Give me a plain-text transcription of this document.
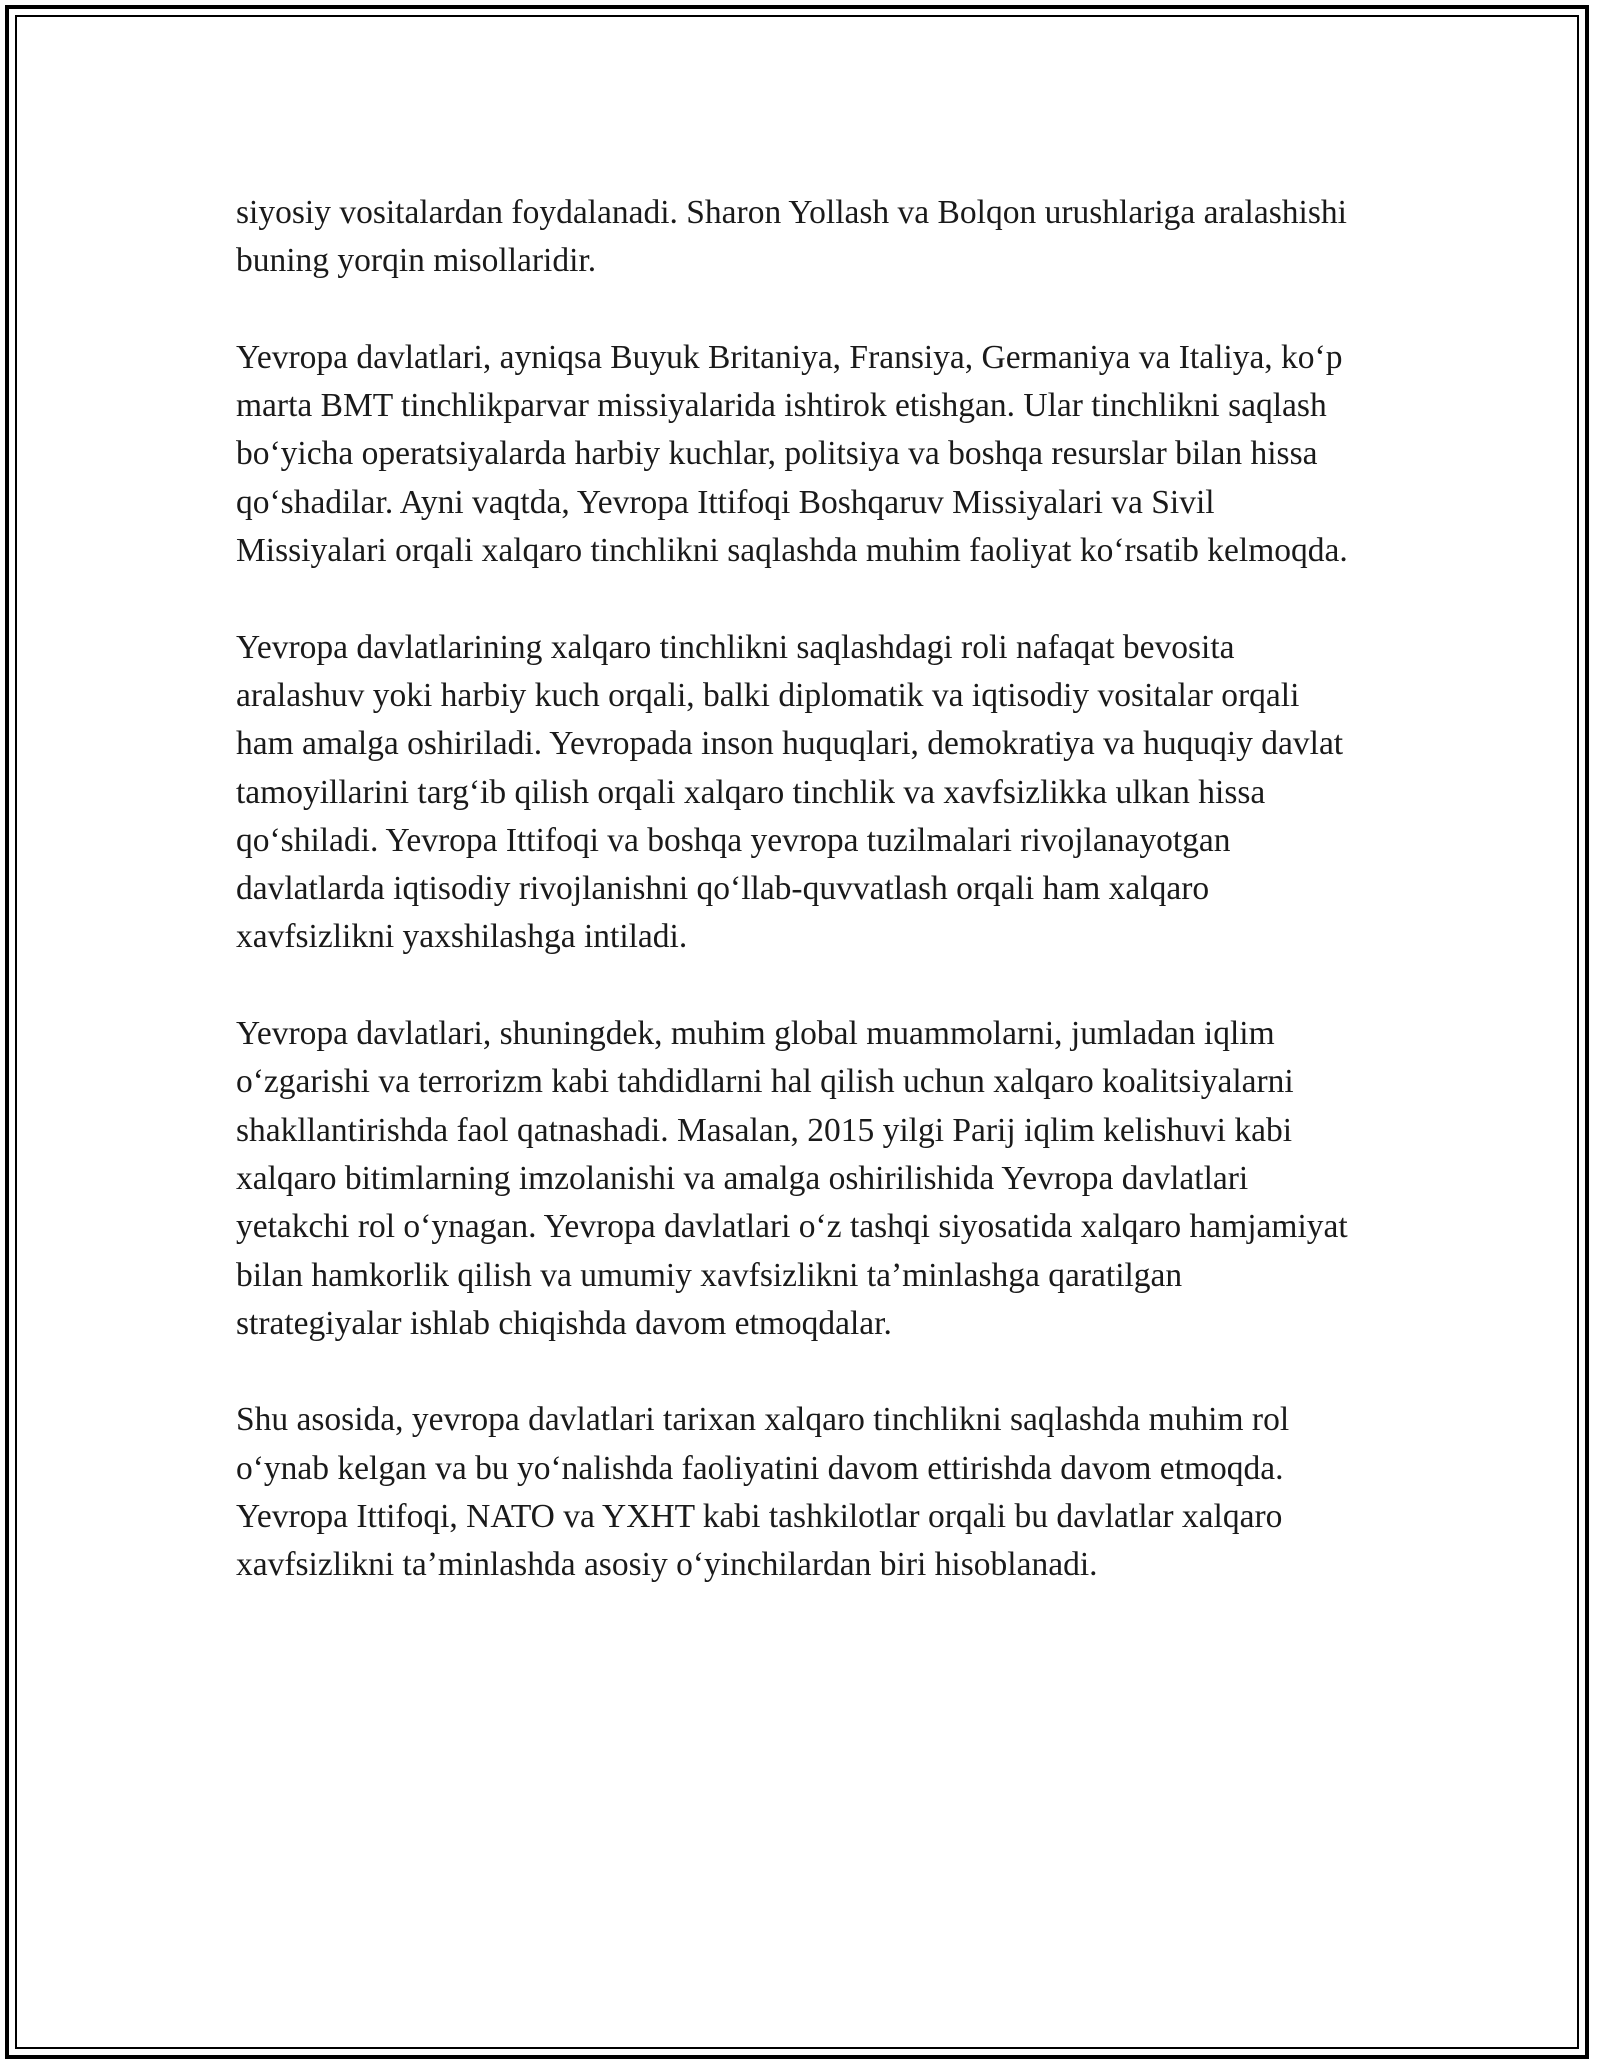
siyosiy vositalardan foydalanadi. Sharon Yollash va Bolqon urushlariga aralashishi buning yorqin misollaridir.

Yevropa davlatlari, ayniqsa Buyuk Britaniya, Fransiya, Germaniya va Italiya, koʻp marta BMT tinchlikparvar missiyalarida ishtirok etishgan. Ular tinchlikni saqlash boʻyicha operatsiyalarda harbiy kuchlar, politsiya va boshqa resurslar bilan hissa qoʻshadilar. Ayni vaqtda, Yevropa Ittifoqi Boshqaruv Missiyalari va Sivil Missiyalari orqali xalqaro tinchlikni saqlashda muhim faoliyat koʻrsatib kelmoqda.

Yevropa davlatlarining xalqaro tinchlikni saqlashdagi roli nafaqat bevosita aralashuv yoki harbiy kuch orqali, balki diplomatik va iqtisodiy vositalar orqali ham amalga oshiriladi. Yevropada inson huquqlari, demokratiya va huquqiy davlat tamoyillarini targʻib qilish orqali xalqaro tinchlik va xavfsizlikka ulkan hissa qoʻshiladi. Yevropa Ittifoqi va boshqa yevropa tuzilmalari rivojlanayotgan davlatlarda iqtisodiy rivojlanishni qoʻllab-quvvatlash orqali ham xalqaro xavfsizlikni yaxshilashga intiladi.

Yevropa davlatlari, shuningdek, muhim global muammolarni, jumladan iqlim oʻzgarishi va terrorizm kabi tahdidlarni hal qilish uchun xalqaro koalitsiyalarni shakllantirishda faol qatnashadi. Masalan, 2015 yilgi Parij iqlim kelishuvi kabi xalqaro bitimlarning imzolanishi va amalga oshirilishida Yevropa davlatlari yetakchi rol oʻynagan. Yevropa davlatlari oʻz tashqi siyosatida xalqaro hamjamiyat bilan hamkorlik qilish va umumiy xavfsizlikni taʼminlashga qaratilgan strategiyalar ishlab chiqishda davom etmoqdalar.

Shu asosida, yevropa davlatlari tarixan xalqaro tinchlikni saqlashda muhim rol oʻynab kelgan va bu yoʻnalishda faoliyatini davom ettirishda davom etmoqda. Yevropa Ittifoqi, NATO va YXHT kabi tashkilotlar orqali bu davlatlar xalqaro xavfsizlikni taʼminlashda asosiy oʻyinchilardan biri hisoblanadi.
